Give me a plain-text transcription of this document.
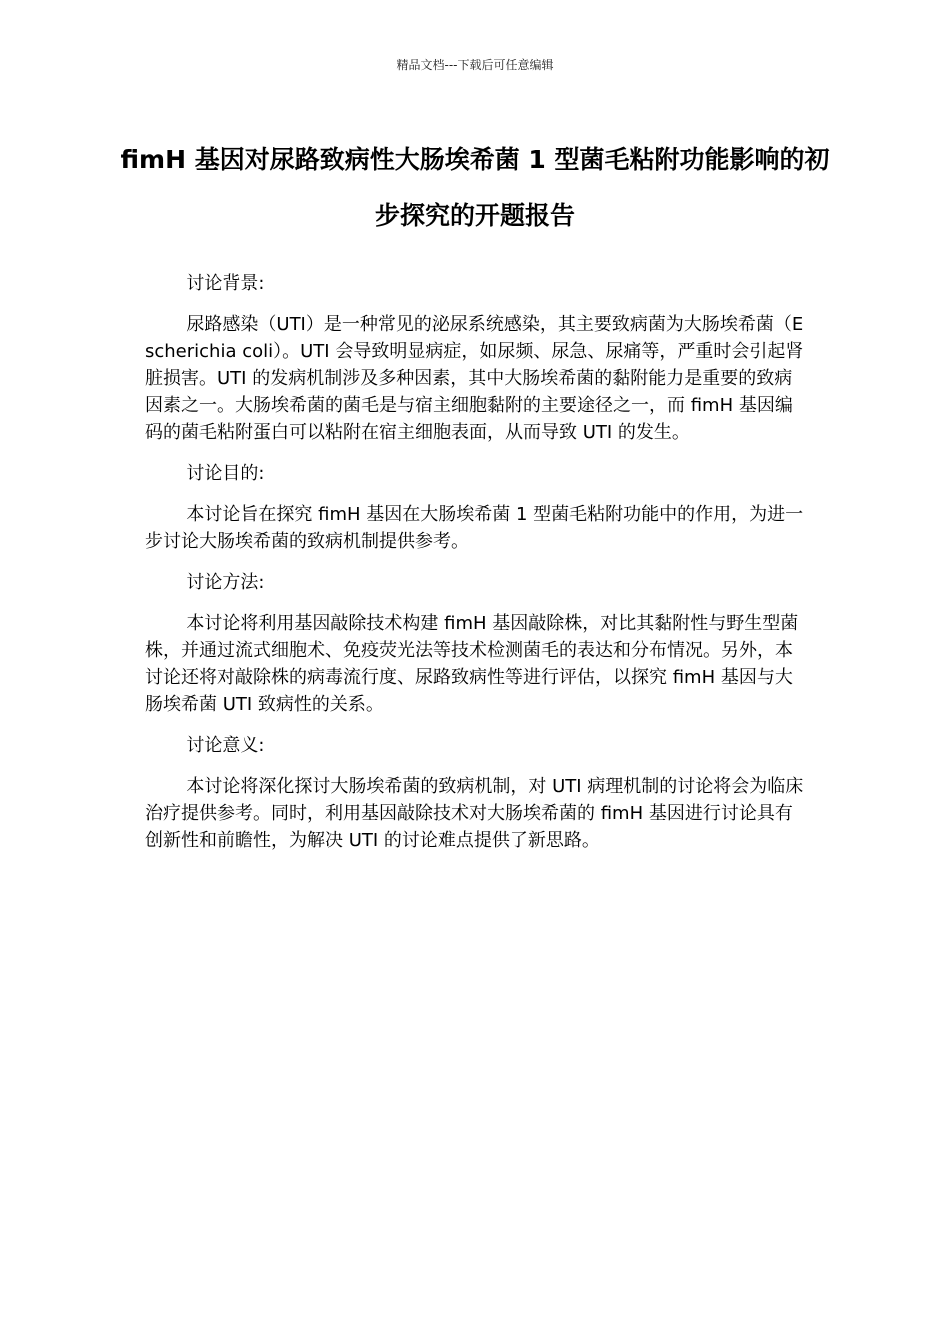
精品文档---下载后可任意编辑
fimH 基因对尿路致病性大肠埃希菌 1 型菌毛粘附功能影响的初步探究的开题报告

讨论背景:

尿路感染（UTI）是一种常见的泌尿系统感染，其主要致病菌为大肠埃希菌（Escherichia coli）。UTI 会导致明显病症，如尿频、尿急、尿痛等，严重时会引起肾脏损害。UTI 的发病机制涉及多种因素，其中大肠埃希菌的黏附能力是重要的致病因素之一。大肠埃希菌的菌毛是与宿主细胞黏附的主要途径之一，而 fimH 基因编码的菌毛粘附蛋白可以粘附在宿主细胞表面，从而导致 UTI 的发生。

讨论目的:

本讨论旨在探究 fimH 基因在大肠埃希菌 1 型菌毛粘附功能中的作用，为进一步讨论大肠埃希菌的致病机制提供参考。

讨论方法:

本讨论将利用基因敲除技术构建 fimH 基因敲除株，对比其黏附性与野生型菌株，并通过流式细胞术、免疫荧光法等技术检测菌毛的表达和分布情况。另外，本讨论还将对敲除株的病毒流行度、尿路致病性等进行评估，以探究 fimH 基因与大肠埃希菌 UTI 致病性的关系。

讨论意义:

本讨论将深化探讨大肠埃希菌的致病机制，对 UTI 病理机制的讨论将会为临床治疗提供参考。同时，利用基因敲除技术对大肠埃希菌的 fimH 基因进行讨论具有创新性和前瞻性，为解决 UTI 的讨论难点提供了新思路。
